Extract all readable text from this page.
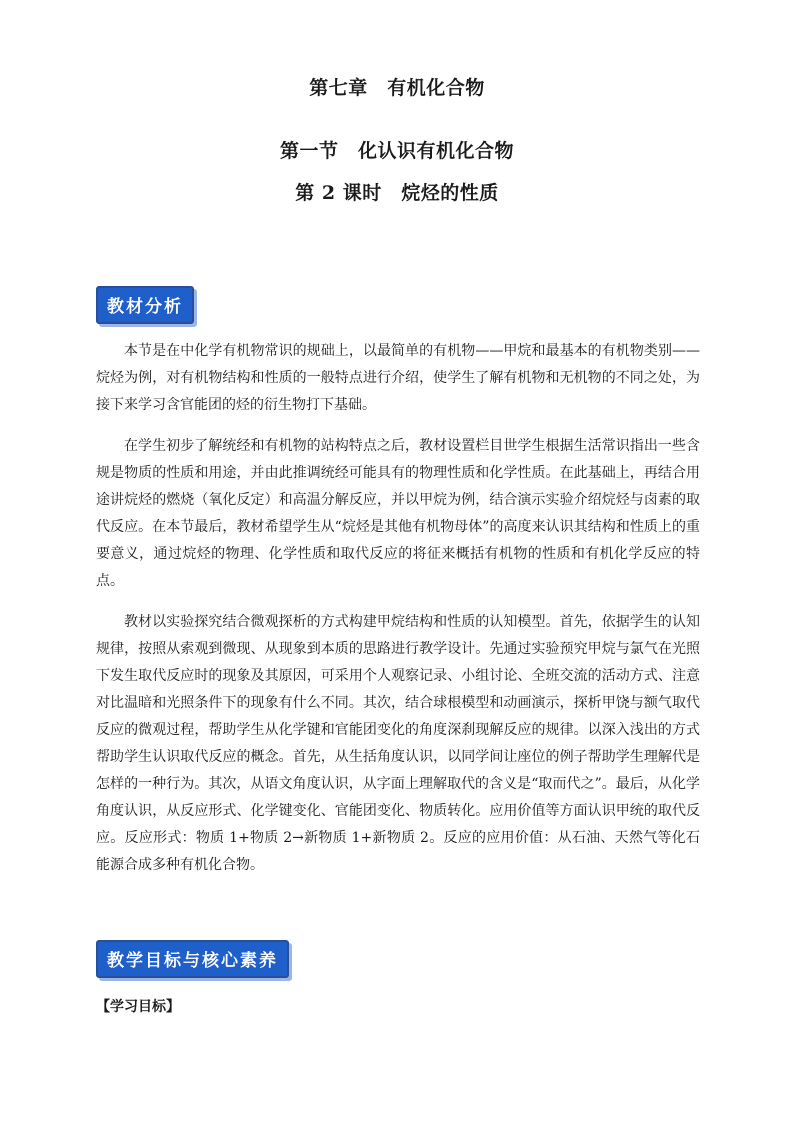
第七章　有机化合物
第一节　化认识有机化合物
第 2 课时　烷烃的性质
教材分析

本节是在中化学有机物常识的规础上，以最简单的有机物——甲烷和最基本的有机物类别——烷烃为例，对有机物结构和性质的一般特点进行介绍，使学生了解有机物和无机物的不同之处，为接下来学习含官能团的烃的衍生物打下基础。

在学生初步了解统经和有机物的站构特点之后，教材设置栏目世学生根据生活常识指出一些含规是物质的性质和用途，并由此推调统经可能具有的物理性质和化学性质。在此基础上，再结合用途讲烷烃的燃烧（氧化反定）和高温分解反应，并以甲烷为例，结合演示实验介绍烷烃与卤素的取代反应。在本节最后，教材希望学生从“烷烃是其他有机物母体”的高度来认识其结构和性质上的重要意义，通过烷烃的物理、化学性质和取代反应的将征来概括有机物的性质和有机化学反应的特点。

教材以实验探究结合微观探析的方式构建甲烷结构和性质的认知模型。首先，依据学生的认知规律，按照从索观到微现、从现象到本质的思路进行教学设计。先通过实验预究甲烷与氯气在光照下发生取代反应时的现象及其原因，可采用个人观察记录、小组讨论、全班交流的活动方式、注意对比温暗和光照条件下的现象有什么不同。其次，结合球根模型和动画演示，探析甲饶与额气取代反应的微观过程，帮助学生从化学键和官能团变化的角度深刹现解反应的规律。以深入浅出的方式帮助学生认识取代反应的概念。首先，从生括角度认识，以同学间让座位的例子帮助学生理解代是怎样的一种行为。其次，从语文角度认识，从字面上理解取代的含义是“取而代之”。最后，从化学角度认识，从反应形式、化学键变化、官能团变化、物质转化。应用价值等方面认识甲统的取代反应。反应形式：物质 1+物质 2→新物质 1+新物质 2。反应的应用价值：从石油、天然气等化石能源合成多种有机化合物。

教学目标与核心素养
【学习目标】
